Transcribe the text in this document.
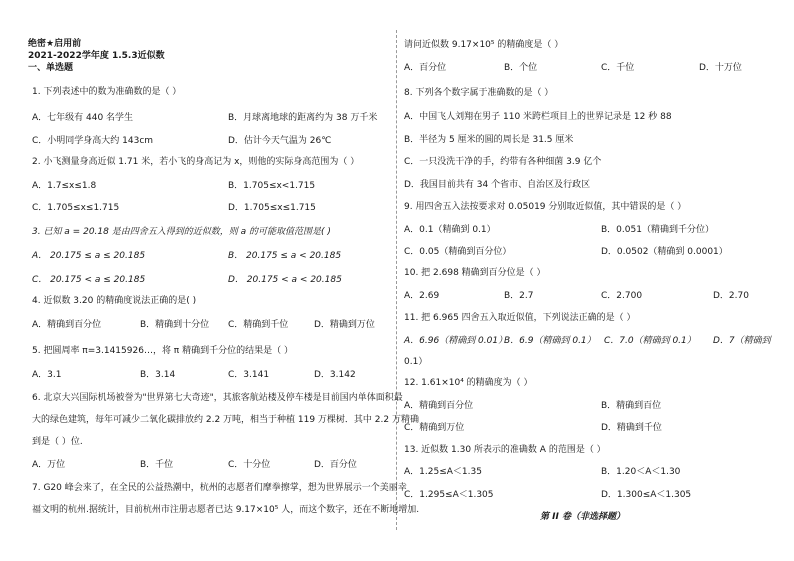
绝密★启用前
2021-2022学年度 1.5.3近似数
一、单选题
1. 下列表述中的数为准确数的是（ ）
A．七年级有 440 名学生	B．月球离地球的距离约为 38 万千米
C．小明同学身高大约 143cm	D．估计今天气温为 26℃
2. 小飞测量身高近似 1.71 米，若小飞的身高记为 x，则他的实际身高范围为（ ）
A．1.7≤x≤1.8	B．1.705≤x<1.715
C．1.705≤x≤1.715	D．1.705≤x≤1.715
3. 已知 a = 20.18 是由四舍五入得到的近似数，则 a 的可能取值范围是( )
A． 20.175 ≤ a ≤ 20.185	B． 20.175 ≤ a < 20.185
C． 20.175 < a ≤ 20.185	D． 20.175 < a < 20.185
4. 近似数 3.20 的精确度说法正确的是( )
A．精确到百分位	B．精确到十分位 C．精确到千位	D．精确到万位
5. 把圆周率 π=3.1415926…，将 π 精确到千分位的结果是（ ）
A．3.1	B．3.14	C．3.141	D．3.142
6. 北京大兴国际机场被誉为"世界第七大奇迹"，其旅客航站楼及停车楼是目前国内单体面积最
大的绿色建筑，每年可减少二氧化碳排放约 2.2 万吨，相当于种植 119 万棵树．其中 2.2 万精确
到是（ ）位.
A．万位	B．千位	C．十分位	D．百分位
7. G20 峰会来了，在全民的公益热潮中，杭州的志愿者们摩拳擦掌，想为世界展示一个美丽幸
福文明的杭州.据统计，目前杭州市注册志愿者已达 9.17×10⁵ 人，而这个数字，还在不断地增加.
请问近似数 9.17×10⁵ 的精确度是（ ）
A．百分位	B．个位	C．千位	D．十万位
8. 下列各个数字属于准确数的是（ ）
A．中国飞人刘翔在男子 110 米跨栏项目上的世界记录是 12 秒 88
B．半径为 5 厘米的圆的周长是 31.5 厘米
C．一只没洗干净的手，约带有各种细菌 3.9 亿个
D．我国目前共有 34 个省市、自治区及行政区
9. 用四舍五入法按要求对 0.05019 分别取近似值，其中错误的是（ ）
A．0.1（精确到 0.1）	B．0.051（精确到千分位）
C．0.05（精确到百分位）	D．0.0502（精确到 0.0001）
10. 把 2.698 精确到百分位是（ ）
A．2.69	B．2.7	C．2.700	D．2.70
11. 把 6.965 四舍五入取近似值，下列说法正确的是（ ）
A．6.96（精确到 0.01）
B．6.9（精确到 0.1） C．7.0（精确到 0.1） D．7（精确到
0.1）
12. 1.61×10⁴ 的精确度为（ ）
A．精确到百分位	B．精确到百位
C．精确到万位	D．精确到千位
13. 近似数 1.30 所表示的准确数 A 的范围是（ ）
A．1.25≤A＜1.35	B．1.20＜A＜1.30
C．1.295≤A＜1.305	D．1.300≤A＜1.305
第 II 卷（非选择题）
